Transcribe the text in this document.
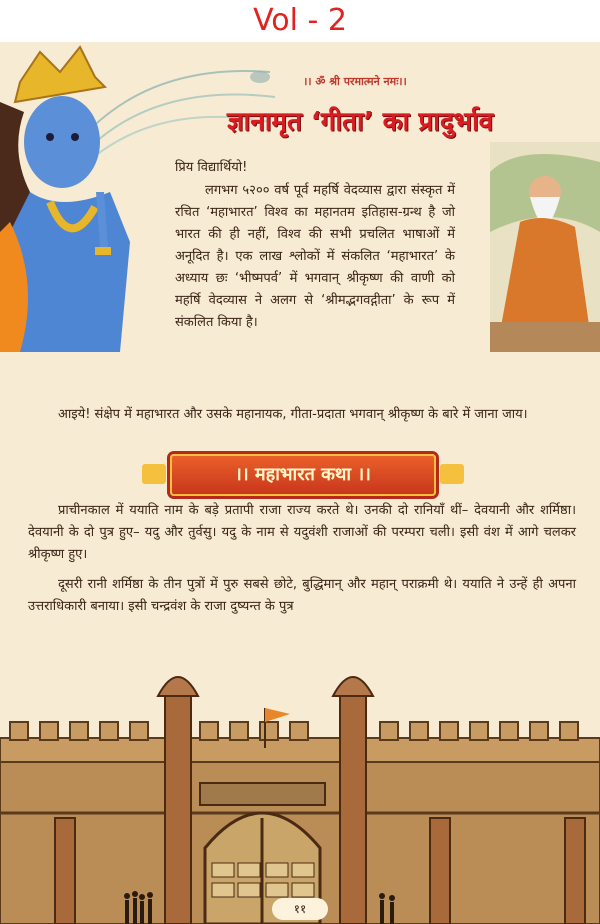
Vol - 2
।। ॐ श्री परमात्मने नमः।।
ज्ञानामृत ‘गीता’ का प्रादुर्भाव
प्रिय विद्यार्थियो!
लगभग ५२०० वर्ष पूर्व महर्षि वेदव्यास द्वारा संस्कृत में रचित ‘महाभारत’ विश्व का महानतम इतिहास-ग्रन्थ है जो भारत की ही नहीं, विश्व की सभी प्रचलित भाषाओं में अनूदित है। एक लाख श्लोकों में संकलित ‘महाभारत’ के अध्याय छः ‘भीष्मपर्व’ में भगवान् श्रीकृष्ण की वाणी को महर्षि वेदव्यास ने अलग से ‘श्रीमद्भगवद्गीता’ के रूप में संकलित किया है।
आइये! संक्षेप में महाभारत और उसके महानायक, गीता-प्रदाता भगवान् श्रीकृष्ण के बारे में जाना जाय।
।। महाभारत कथा ।।
प्राचीनकाल में ययाति नाम के बड़े प्रतापी राजा राज्य करते थे। उनकी दो रानियाँ थीं– देवयानी और शर्मिष्ठा। देवयानी के दो पुत्र हुए– यदु और तुर्वसु। यदु के नाम से यदुवंशी राजाओं की परम्परा चली। इसी वंश में आगे चलकर श्रीकृष्ण हुए।
दूसरी रानी शर्मिष्ठा के तीन पुत्रों में पुरु सबसे छोटे, बुद्धिमान् और महान् पराक्रमी थे। ययाति ने उन्हें ही अपना उत्तराधिकारी बनाया। इसी चन्द्रवंश के राजा दुष्यन्त के पुत्र
११
